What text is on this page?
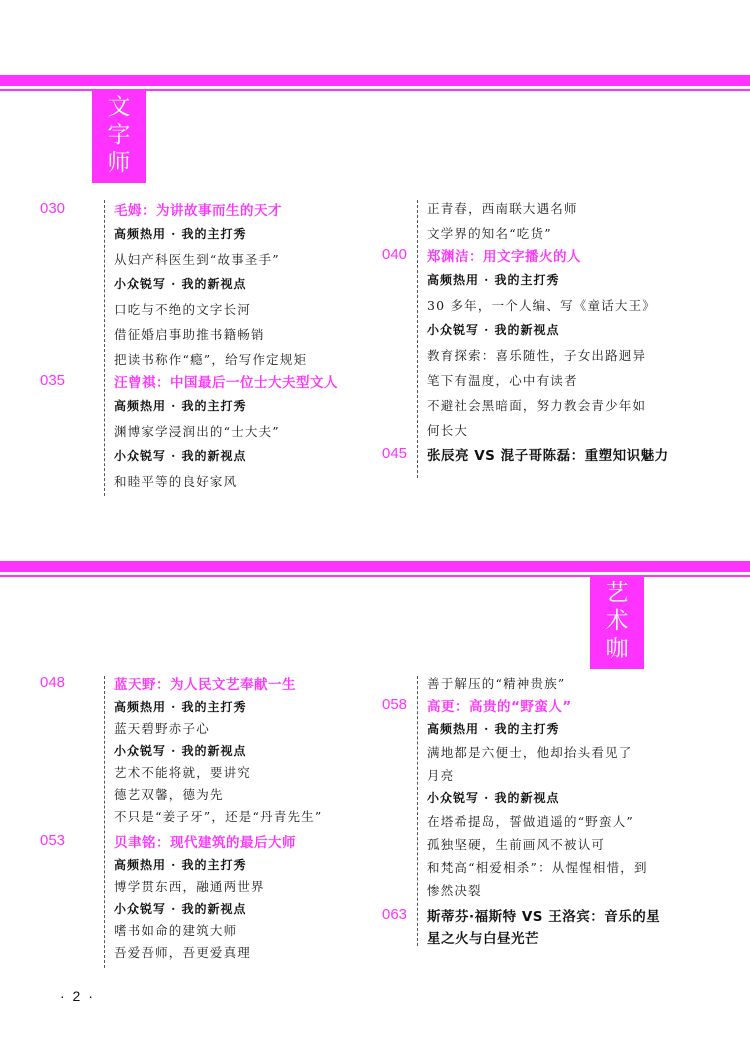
文
字
师
艺
术
咖
030	毛姆：为讲故事而生的天才
高频热用 · 我的主打秀
从妇产科医生到“故事圣手”
小众锐写 · 我的新视点
口吃与不绝的文字长河
借征婚启事助推书籍畅销
把读书称作“瘾”，给写作定规矩
035	汪曾祺：中国最后一位士大夫型文人
高频热用 · 我的主打秀
渊博家学浸润出的“士大夫”
小众锐写 · 我的新视点
和睦平等的良好家风
正青春，西南联大遇名师
文学界的知名“吃货”
040	郑渊洁：用文字播火的人
高频热用 · 我的主打秀
30 多年，一个人编、写《童话大王》
小众锐写 · 我的新视点
教育探索：喜乐随性，子女出路迥异
笔下有温度，心中有读者
不避社会黑暗面，努力教会青少年如
何长大
045	张辰亮 VS 混子哥陈磊：重塑知识魅力
048	蓝天野：为人民文艺奉献一生
高频热用 · 我的主打秀
蓝天碧野赤子心
小众锐写 · 我的新视点
艺术不能将就，要讲究
德艺双馨，德为先
不只是“姜子牙”，还是“丹青先生”
053	贝聿铭：现代建筑的最后大师
高频热用 · 我的主打秀
博学贯东西，融通两世界
小众锐写 · 我的新视点
嗜书如命的建筑大师
吾爱吾师，吾更爱真理
善于解压的“精神贵族”
058	高更：高贵的“野蛮人”
高频热用 · 我的主打秀
满地都是六便士，他却抬头看见了
月亮
小众锐写 · 我的新视点
在塔希提岛，誓做逍遥的“野蛮人”
孤独坚硬，生前画风不被认可
和梵高“相爱相杀”：从惺惺相惜，到
惨然决裂
063	斯蒂芬·福斯特 VS 王洛宾：音乐的星
星之火与白昼光芒
· 2 ·
